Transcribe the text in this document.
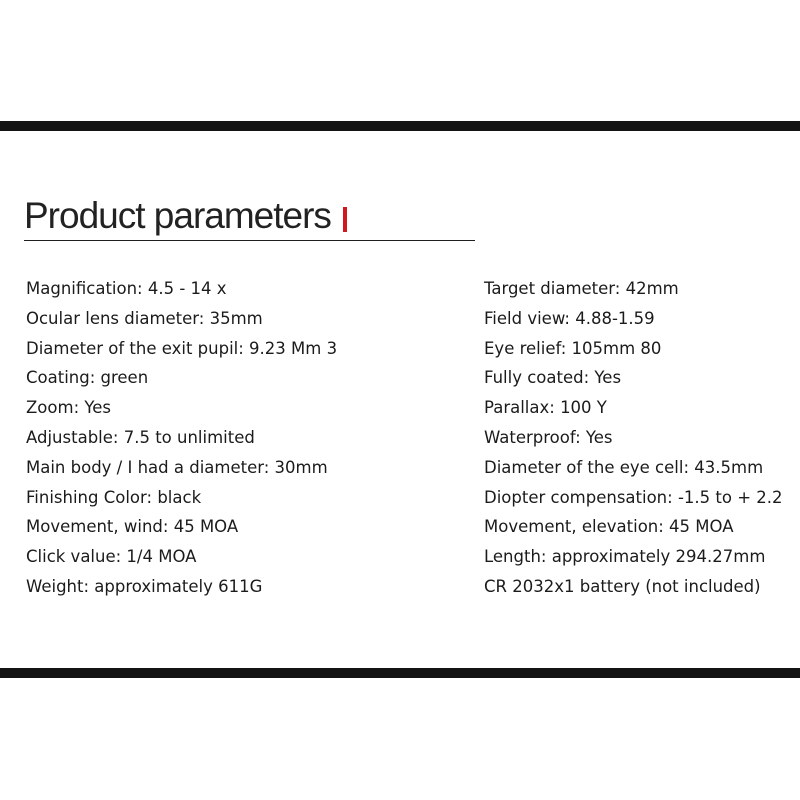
Product parameters
Magnification: 4.5 - 14 x
Ocular lens diameter: 35mm
Diameter of the exit pupil: 9.23 Mm 3
Coating: green
Zoom: Yes
Adjustable: 7.5 to unlimited
Main body / I had a diameter: 30mm
Finishing Color: black
Movement, wind: 45 MOA
Click value: 1/4 MOA
Weight: approximately 611G
Target diameter: 42mm
Field view: 4.88-1.59
Eye relief: 105mm 80
Fully coated: Yes
Parallax: 100 Y
Waterproof: Yes
Diameter of the eye cell: 43.5mm
Diopter compensation: -1.5 to + 2.2
Movement, elevation: 45 MOA
Length: approximately 294.27mm
CR 2032x1 battery (not included)
